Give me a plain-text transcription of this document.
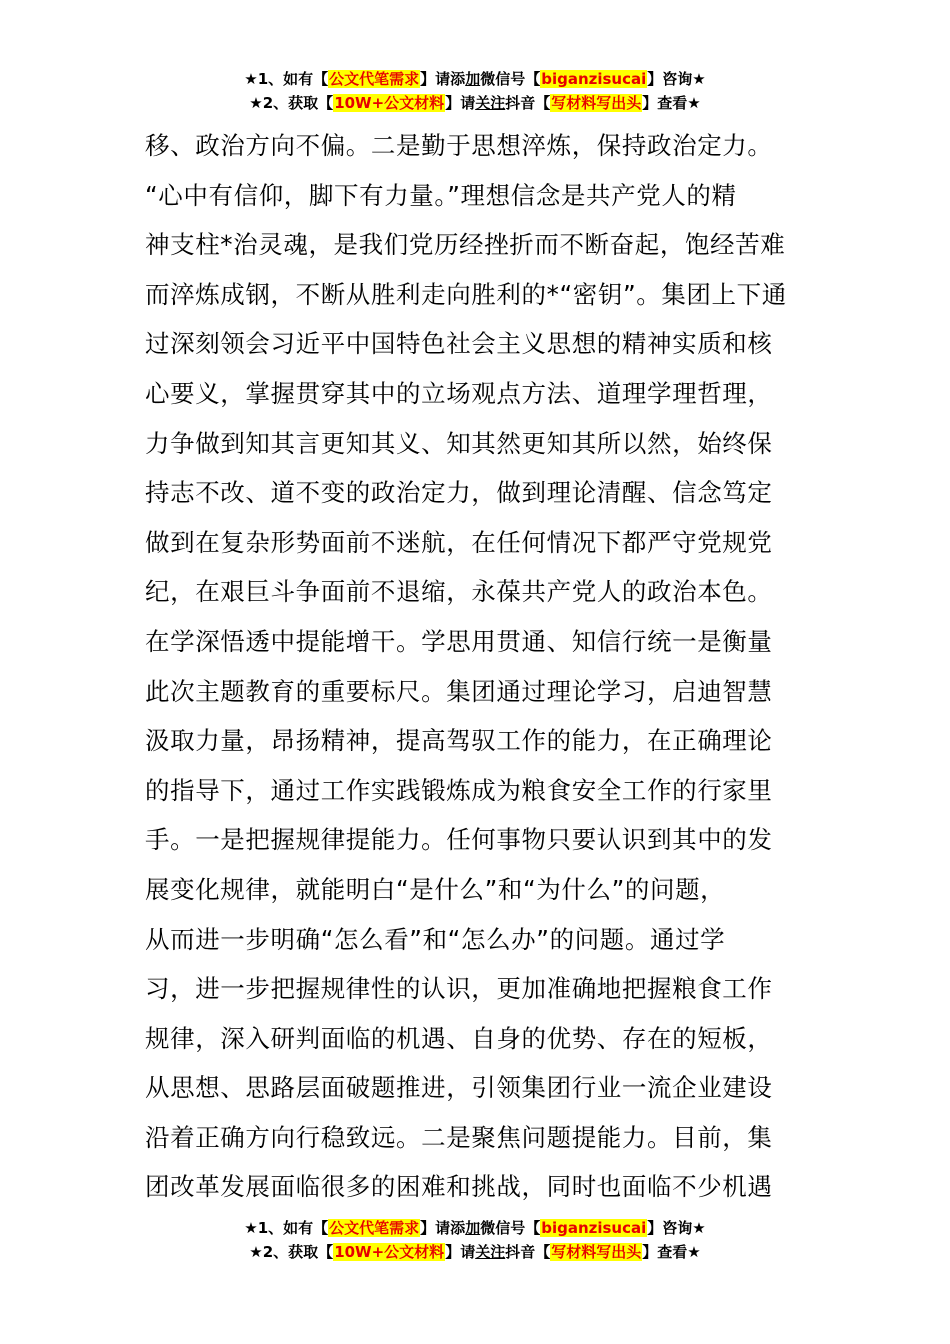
★1、如有【公文代笔需求】请添加微信号【biganzisucai】咨询★
★2、获取【10W+公文材料】请关注抖音【写材料写出头】查看★
移、政治方向不偏。二是勤于思想淬炼，保持政治定力。
“心中有信仰，脚下有力量。”理想信念是共产党人的精
神支柱*治灵魂，是我们党历经挫折而不断奋起，饱经苦难
而淬炼成钢，不断从胜利走向胜利的*“密钥”。集团上下通
过深刻领会习近平中国特色社会主义思想的精神实质和核
心要义，掌握贯穿其中的立场观点方法、道理学理哲理，
力争做到知其言更知其义、知其然更知其所以然，始终保
持志不改、道不变的政治定力，做到理论清醒、信念笃定
做到在复杂形势面前不迷航，在任何情况下都严守党规党
纪，在艰巨斗争面前不退缩，永葆共产党人的政治本色。
在学深悟透中提能增干。学思用贯通、知信行统一是衡量
此次主题教育的重要标尺。集团通过理论学习，启迪智慧
汲取力量，昂扬精神，提高驾驭工作的能力，在正确理论
的指导下，通过工作实践锻炼成为粮食安全工作的行家里
手。一是把握规律提能力。任何事物只要认识到其中的发
展变化规律，就能明白“是什么”和“为什么”的问题，
从而进一步明确“怎么看”和“怎么办”的问题。通过学
习，进一步把握规律性的认识，更加准确地把握粮食工作
规律，深入研判面临的机遇、自身的优势、存在的短板，
从思想、思路层面破题推进，引领集团行业一流企业建设
沿着正确方向行稳致远。二是聚焦问题提能力。目前，集
团改革发展面临很多的困难和挑战，同时也面临不少机遇
★1、如有【公文代笔需求】请添加微信号【biganzisucai】咨询★
★2、获取【10W+公文材料】请关注抖音【写材料写出头】查看★
